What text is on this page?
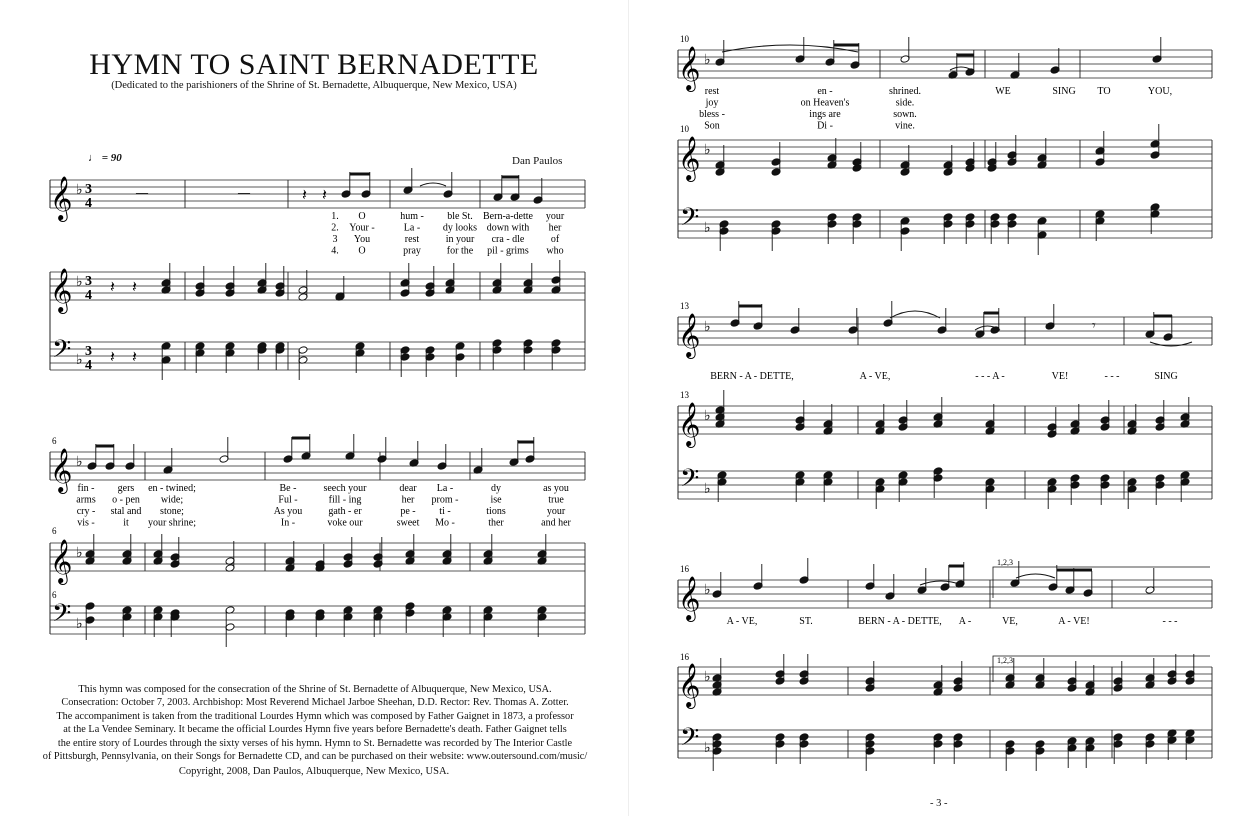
HYMN TO SAINT BERNADETTE
(Dedicated to the parishioners of the Shrine of St. Bernadette, Albuquerque, New Mexico, USA)
♩ = 90	Dan Paulos
𝄞 ♭
𝄞 ♭
𝄢 ♭
3
4
3
4
3
4
—	—	𝄽 𝄽
𝄽 𝄽
𝄽 𝄽
𝄞 ♭
𝄞 ♭
𝄢 ♭
6
6
6
𝄞 ♭
𝄞 ♭
𝄢 ♭
10
10
𝄞 ♭
𝄞 ♭
𝄢 ♭
13
13
𝄾
𝄞 ♭
𝄞 ♭
𝄢 ♭
16
16
1,2,3
1,2,3
1. O	hum - ble St. Bern-a-dette your
2. Your -	La - dy looks down with her
3 You	rest	in your cra - dle	of
4. O	pray	for the pil - grims who
fin - gers en - twined;	Be -	seech your	dear La -	dy	as you
arms o - pen wide;	Ful -	fill - ing	her prom -	ise	true
cry - stal and stone;	As you	gath - er	pe - ti -	tions	your
vis -	it your shrine;	In -	voke our	sweet Mo -	ther	and her
rest	en -	shrined.	WE	SING TO	YOU,
joy	on Heaven's	side.
bless -	ings are	sown.
Son	Di -	vine.
BERN - A - DETTE,	A - VE,	- - - A -	VE!	- - -	SING
A - VE,	ST.	BERN - A - DETTE, A -	VE,	A - VE!	- - -
This hymn was composed for the consecration of the Shrine of St. Bernadette of Albuquerque, New Mexico, USA.
Consecration: October 7, 2003. Archbishop: Most Reverend Michael Jarboe Sheehan, D.D. Rector: Rev. Thomas A. Zotter.
The accompaniment is taken from the traditional Lourdes Hymn which was composed by Father Gaignet in 1873, a professor
at the La Vendee Seminary. It became the official Lourdes Hymn five years before Bernadette's death. Father Gaignet tells
the entire story of Lourdes through the sixty verses of his hymn. Hymn to St. Bernadette was recorded by The Interior Castle
of Pittsburgh, Pennsylvania, on their Songs for Bernadette CD, and can be purchased on their website: www.outersound.com/music/
Copyright, 2008, Dan Paulos, Albuquerque, New Mexico, USA.
- 3 -
